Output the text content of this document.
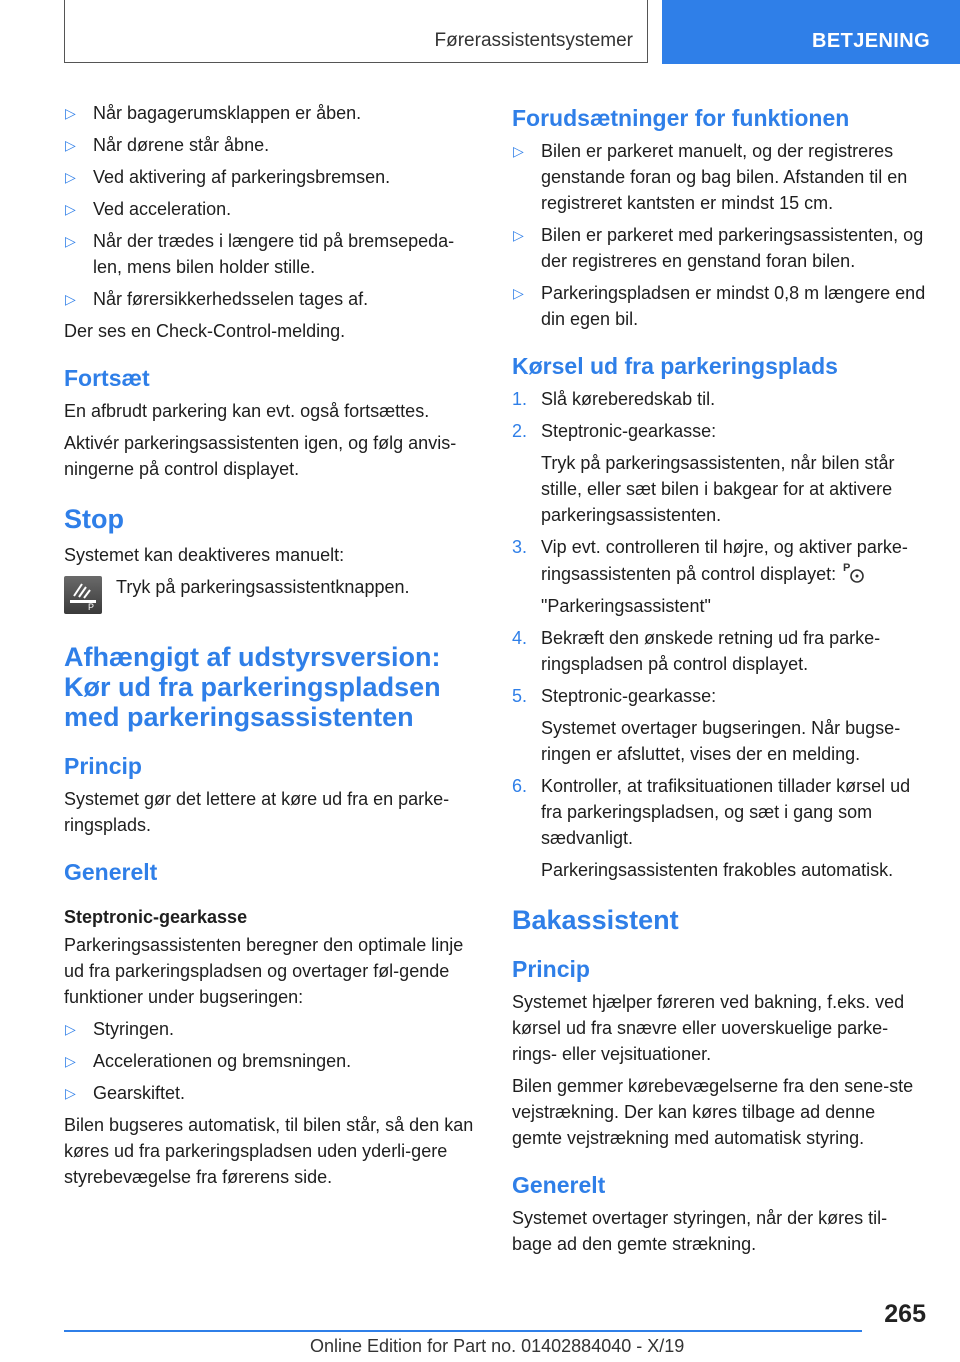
Førerassistentsystemer	BETJENING
▷ Når bagagerumsklappen er åben.
▷ Når dørene står åbne.
▷ Ved aktivering af parkeringsbremsen.
▷ Ved acceleration.
▷ Når der trædes i længere tid på bremsepeda-len, mens bilen holder stille.
▷ Når førersikkerhedsselen tages af.

Der ses en Check-Control-melding.

Fortsæt

En afbrudt parkering kan evt. også fortsættes.

Aktivér parkeringsassistenten igen, og følg anvis-ningerne på control displayet.

Stop

Systemet kan deaktiveres manuelt:

P
Tryk på parkeringsassistentknappen.
Afhængigt af udstyrsversion: Kør ud fra parkeringspladsen med parkeringsassistenten
Princip

Systemet gør det lettere at køre ud fra en parke-ringsplads.

Generelt
Steptronic-gearkasse

Parkeringsassistenten beregner den optimale linje ud fra parkeringspladsen og overtager føl-gende funktioner under bugseringen:

▷ Styringen.
▷ Accelerationen og bremsningen.
▷ Gearskiftet.

Bilen bugseres automatisk, til bilen står, så den kan køres ud fra parkeringspladsen uden yderli-gere styrebevægelse fra førerens side.

Forudsætninger for funktionen
▷ Bilen er parkeret manuelt, og der registreres genstande foran og bag bilen. Afstanden til en registreret kantsten er mindst 15 cm.
▷ Bilen er parkeret med parkeringsassistenten, og der registreres en genstand foran bilen.
▷ Parkeringspladsen er mindst 0,8 m længere end din egen bil.
Kørsel ud fra parkeringsplads
1. Slå køreberedskab til.
2. Steptronic-gearkasse:

Tryk på parkeringsassistenten, når bilen står stille, eller sæt bilen i bakgear for at aktivere parkeringsassistenten.

3. Vip evt. controlleren til højre, og aktiver parke-ringsassistenten på control displayet: P

"Parkeringsassistent"

4. Bekræft den ønskede retning ud fra parke-ringspladsen på control displayet.
5. Steptronic-gearkasse:

Systemet overtager bugseringen. Når bugse-ringen er afsluttet, vises der en melding.

6. Kontroller, at trafiksituationen tillader kørsel ud fra parkeringspladsen, og sæt i gang som sædvanligt.

Parkeringsassistenten frakobles automatisk.

Bakassistent
Princip

Systemet hjælper føreren ved bakning, f.eks. ved kørsel ud fra snævre eller uoverskuelige parke-rings- eller vejsituationer.

Bilen gemmer kørebevægelserne fra den sene-ste vejstrækning. Der kan køres tilbage ad denne gemte vejstrækning med automatisk styring.

Generelt

Systemet overtager styringen, når der køres til-bage ad den gemte strækning.

265
Online Edition for Part no. 01402884040 - X/19
